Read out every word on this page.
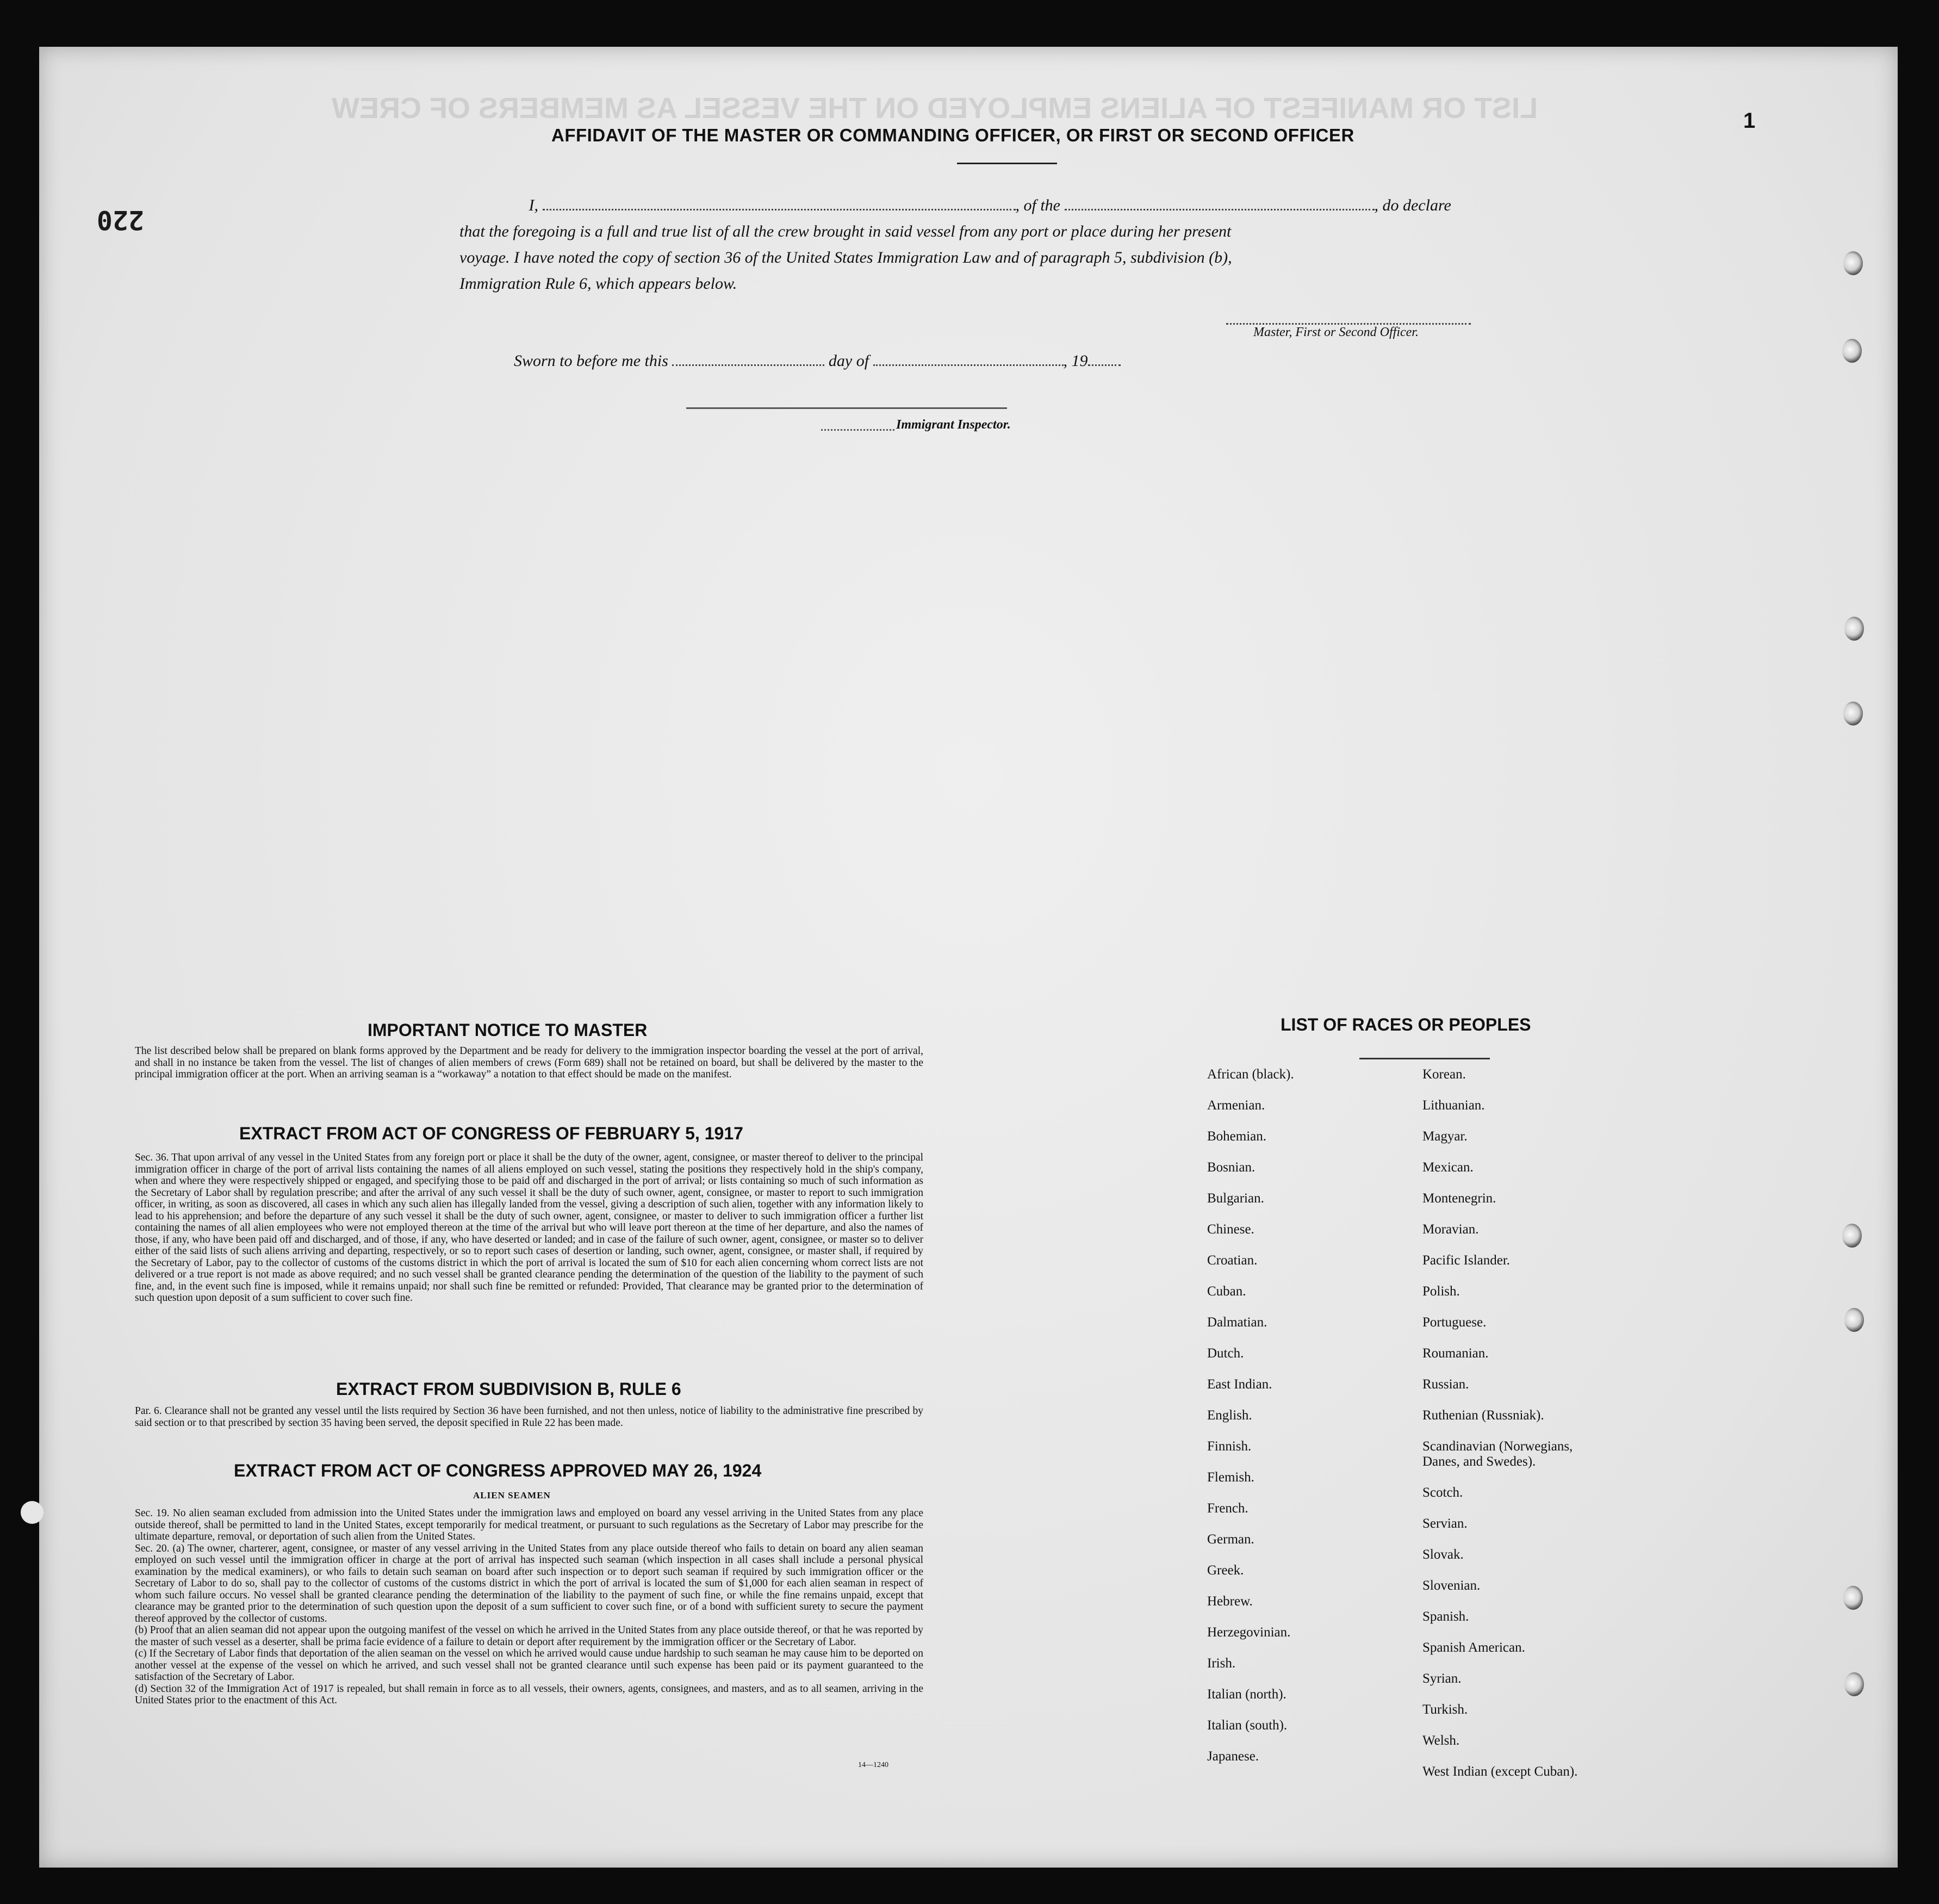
LIST OR MANIFEST OF ALIENS EMPLOYED ON THE VESSEL AS MEMBERS OF CREW
220
1
AFFIDAVIT OF THE MASTER OR COMMANDING OFFICER, OR FIRST OR SECOND OFFICER
I,	, of the	, do declare
that the foregoing is a full and true list of all the crew brought in said vessel from any port or place during her present
voyage. I have noted the copy of section 36 of the United States Immigration Law and of paragraph 5, subdivision (b),
Immigration Rule 6, which appears below.
Master, First or Second Officer.
Sworn to before me this	day of	, 19
Immigrant Inspector.
IMPORTANT NOTICE TO MASTER
The list described below shall be prepared on blank forms approved by the Department and be ready for delivery to the immigration inspector boarding the vessel at the port of arrival, and shall in no instance be taken from the vessel. The list of changes of alien members of crews (Form 689) shall not be retained on board, but shall be delivered by the master to the principal immigration officer at the port. When an arriving seaman is a “workaway” a notation to that effect should be made on the manifest.
EXTRACT FROM ACT OF CONGRESS OF FEBRUARY 5, 1917
Sec. 36. That upon arrival of any vessel in the United States from any foreign port or place it shall be the duty of the owner, agent, consignee, or master thereof to deliver to the principal immigration officer in charge of the port of arrival lists containing the names of all aliens employed on such vessel, stating the positions they respectively hold in the ship's company, when and where they were respectively shipped or engaged, and specifying those to be paid off and discharged in the port of arrival; or lists containing so much of such information as the Secretary of Labor shall by regulation prescribe; and after the arrival of any such vessel it shall be the duty of such owner, agent, consignee, or master to report to such immigration officer, in writing, as soon as discovered, all cases in which any such alien has illegally landed from the vessel, giving a description of such alien, together with any information likely to lead to his apprehension; and before the departure of any such vessel it shall be the duty of such owner, agent, consignee, or master to deliver to such immigration officer a further list containing the names of all alien employees who were not employed thereon at the time of the arrival but who will leave port thereon at the time of her departure, and also the names of those, if any, who have been paid off and discharged, and of those, if any, who have deserted or landed; and in case of the failure of such owner, agent, consignee, or master so to deliver either of the said lists of such aliens arriving and departing, respectively, or so to report such cases of desertion or landing, such owner, agent, consignee, or master shall, if required by the Secretary of Labor, pay to the collector of customs of the customs district in which the port of arrival is located the sum of $10 for each alien concerning whom correct lists are not delivered or a true report is not made as above required; and no such vessel shall be granted clearance pending the determination of the question of the liability to the payment of such fine, and, in the event such fine is imposed, while it remains unpaid; nor shall such fine be remitted or refunded: Provided, That clearance may be granted prior to the determination of such question upon deposit of a sum sufficient to cover such fine.
EXTRACT FROM SUBDIVISION B, RULE 6
Par. 6. Clearance shall not be granted any vessel until the lists required by Section 36 have been furnished, and not then unless, notice of liability to the administrative fine prescribed by said section or to that prescribed by section 35 having been served, the deposit specified in Rule 22 has been made.
EXTRACT FROM ACT OF CONGRESS APPROVED MAY 26, 1924
ALIEN SEAMEN
Sec. 19. No alien seaman excluded from admission into the United States under the immigration laws and employed on board any vessel arriving in the United States from any place outside thereof, shall be permitted to land in the United States, except temporarily for medical treatment, or pursuant to such regulations as the Secretary of Labor may prescribe for the ultimate departure, removal, or deportation of such alien from the United States.
Sec. 20. (a) The owner, charterer, agent, consignee, or master of any vessel arriving in the United States from any place outside thereof who fails to detain on board any alien seaman employed on such vessel until the immigration officer in charge at the port of arrival has inspected such seaman (which inspection in all cases shall include a personal physical examination by the medical examiners), or who fails to detain such seaman on board after such inspection or to deport such seaman if required by such immigration officer or the Secretary of Labor to do so, shall pay to the collector of customs of the customs district in which the port of arrival is located the sum of $1,000 for each alien seaman in respect of whom such failure occurs. No vessel shall be granted clearance pending the determination of the liability to the payment of such fine, or while the fine remains unpaid, except that clearance may be granted prior to the determination of such question upon the deposit of a sum sufficient to cover such fine, or of a bond with sufficient surety to secure the payment thereof approved by the collector of customs.
(b) Proof that an alien seaman did not appear upon the outgoing manifest of the vessel on which he arrived in the United States from any place outside thereof, or that he was reported by the master of such vessel as a deserter, shall be prima facie evidence of a failure to detain or deport after requirement by the immigration officer or the Secretary of Labor.
(c) If the Secretary of Labor finds that deportation of the alien seaman on the vessel on which he arrived would cause undue hardship to such seaman he may cause him to be deported on another vessel at the expense of the vessel on which he arrived, and such vessel shall not be granted clearance until such expense has been paid or its payment guaranteed to the satisfaction of the Secretary of Labor.
(d) Section 32 of the Immigration Act of 1917 is repealed, but shall remain in force as to all vessels, their owners, agents, consignees, and masters, and as to all seamen, arriving in the United States prior to the enactment of this Act.
14—1240
LIST OF RACES OR PEOPLES
African (black).
Armenian.
Bohemian.
Bosnian.
Bulgarian.
Chinese.
Croatian.
Cuban.
Dalmatian.
Dutch.
East Indian.
English.
Finnish.
Flemish.
French.
German.
Greek.
Hebrew.
Herzegovinian.
Irish.
Italian (north).
Italian (south).
Japanese.
Korean.
Lithuanian.
Magyar.
Mexican.
Montenegrin.
Moravian.
Pacific Islander.
Polish.
Portuguese.
Roumanian.
Russian.
Ruthenian (Russniak).
Scandinavian (Norwegians,
Danes, and Swedes).
Scotch.
Servian.
Slovak.
Slovenian.
Spanish.
Spanish American.
Syrian.
Turkish.
Welsh.
West Indian (except Cuban).
